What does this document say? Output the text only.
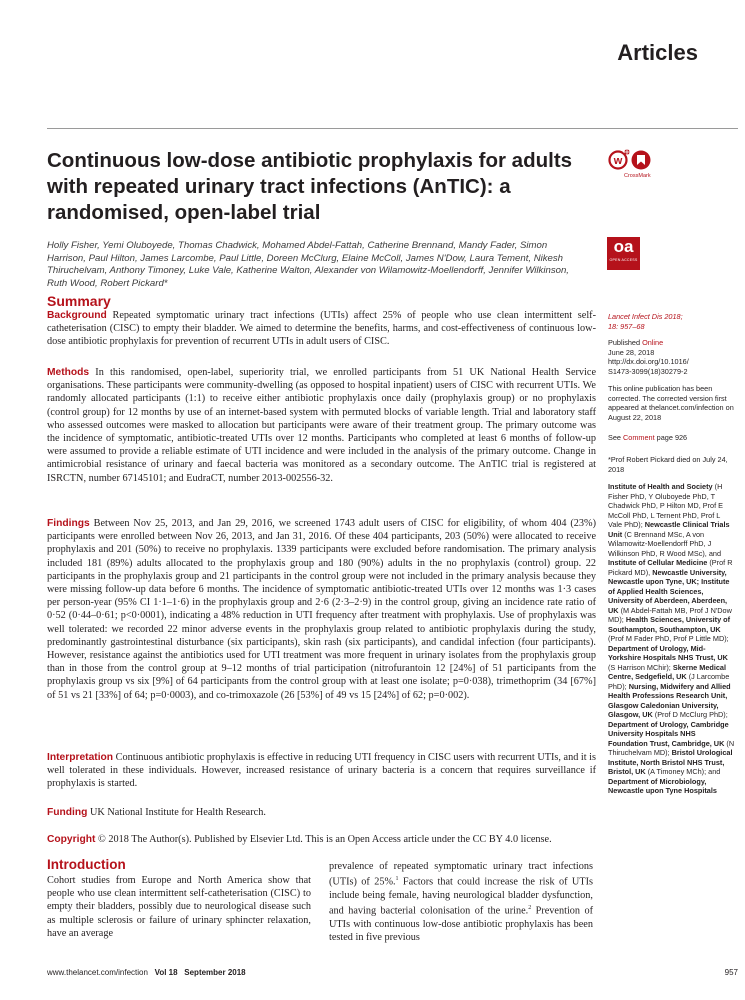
Articles
Continuous low-dose antibiotic prophylaxis for adults with repeated urinary tract infections (AnTIC): a randomised, open-label trial

Holly Fisher, Yemi Oluboyede, Thomas Chadwick, Mohamed Abdel-Fattah, Catherine Brennand, Mandy Fader, Simon Harrison, Paul Hilton, James Larcombe, Paul Little, Doreen McClurg, Elaine McColl, James N'Dow, Laura Tement, Nikesh Thiruchelvam, Anthony Timoney, Luke Vale, Katherine Walton, Alexander von Wilamowitz-Moellendorff, Jennifer Wilkinson, Ruth Wood, Robert Pickard*

w
CrossMark
oa
OPEN ACCESS
Summary

Background Repeated symptomatic urinary tract infections (UTIs) affect 25% of people who use clean intermittent self-catheterisation (CISC) to empty their bladder. We aimed to determine the benefits, harms, and cost-effectiveness of continuous low-dose antibiotic prophylaxis for prevention of recurrent UTIs in adult users of CISC.

Methods In this randomised, open-label, superiority trial, we enrolled participants from 51 UK National Health Service organisations. These participants were community-dwelling (as opposed to hospital inpatient) users of CISC with recurrent UTIs. We randomly allocated participants (1:1) to receive either antibiotic prophylaxis once daily (prophylaxis group) or no prophylaxis (control group) for 12 months by use of an internet-based system with permuted blocks of variable length. Trial and laboratory staff who assessed outcomes were masked to allocation but participants were aware of their treatment group. The primary outcome was the incidence of symptomatic, antibiotic-treated UTIs over 12 months. Participants who completed at least 6 months of follow-up were assumed to provide a reliable estimate of UTI incidence and were included in the analysis of the primary outcome. Change in antimicrobial resistance of urinary and faecal bacteria was monitored as a secondary outcome. The AnTIC trial is registered at ISRCTN, number 67145101; and EudraCT, number 2013-002556-32.

Findings Between Nov 25, 2013, and Jan 29, 2016, we screened 1743 adult users of CISC for eligibility, of whom 404 (23%) participants were enrolled between Nov 26, 2013, and Jan 31, 2016. Of these 404 participants, 203 (50%) were allocated to receive prophylaxis and 201 (50%) to receive no prophylaxis. 1339 participants were excluded before randomisation. The primary analysis included 181 (89%) adults allocated to the prophylaxis group and 180 (90%) adults in the no prophylaxis (control) group. 22 participants in the prophylaxis group and 21 participants in the control group were not included in the primary analysis because they were missing follow-up data before 6 months. The incidence of symptomatic antibiotic-treated UTIs over 12 months was 1·3 cases per person-year (95% CI 1·1–1·6) in the prophylaxis group and 2·6 (2·3–2·9) in the control group, giving an incidence rate ratio of 0·52 (0·44–0·61; p<0·0001), indicating a 48% reduction in UTI frequency after treatment with prophylaxis. Use of prophylaxis was well tolerated: we recorded 22 minor adverse events in the prophylaxis group related to antibiotic prophylaxis during the study, predominantly gastrointestinal disturbance (six participants), skin rash (six participants), and candidal infection (four participants). However, resistance against the antibiotics used for UTI treatment was more frequent in urinary isolates from the prophylaxis group than in those from the control group at 9–12 months of trial participation (nitrofurantoin 12 [24%] of 51 participants from the prophylaxis group vs six [9%] of 64 participants from the control group with at least one isolate; p=0·038), trimethoprim (34 [67%] of 51 vs 21 [33%] of 64; p=0·0003), and co-trimoxazole (26 [53%] of 49 vs 15 [24%] of 62; p=0·002).

Interpretation Continuous antibiotic prophylaxis is effective in reducing UTI frequency in CISC users with recurrent UTIs, and it is well tolerated in these individuals. However, increased resistance of urinary bacteria is a concern that requires surveillance if prophylaxis is started.

Funding UK National Institute for Health Research.

Copyright © 2018 The Author(s). Published by Elsevier Ltd. This is an Open Access article under the CC BY 4.0 license.

Introduction

Cohort studies from Europe and North America show that people who use clean intermittent self-catheterisation (CISC) to empty their bladders, possibly due to neurological disease such as multiple sclerosis or failure of urinary sphincter relaxation, have an average

prevalence of repeated symptomatic urinary tract infections (UTIs) of 25%.$^1$ Factors that could increase the risk of UTIs include being female, having neurological bladder dysfunction, and having bacterial colonisation of the urine.$^2$ Prevention of UTIs with continuous low-dose antibiotic prophylaxis has been tested in five previous

Lancet Infect Dis 2018;
18: 957–68

Published Online
June 28, 2018
http://dx.doi.org/10.1016/
S1473-3099(18)30279-2

This online publication has been corrected. The corrected version first appeared at thelancet.com/infection on August 22, 2018

See Comment page 926

*Prof Robert Pickard died on July 24, 2018

Institute of Health and Society (H Fisher PhD, Y Oluboyede PhD, T Chadwick PhD, P Hilton MD, Prof E McColl PhD, L Ternent PhD, Prof L Vale PhD); Newcastle Clinical Trials Unit (C Brennand MSc, A von Wilamowitz-Moellendorff PhD, J Wilkinson PhD, R Wood MSc), and Institute of Cellular Medicine (Prof R Pickard MD), Newcastle University, Newcastle upon Tyne, UK; Institute of Applied Health Sciences, University of Aberdeen, Aberdeen, UK (M Abdel-Fattah MB, Prof J N'Dow MD); Health Sciences, University of Southampton, Southampton, UK (Prof M Fader PhD, Prof P Little MD); Department of Urology, Mid-Yorkshire Hospitals NHS Trust, UK (S Harrison MChir); Skerne Medical Centre, Sedgefield, UK (J Larcombe PhD); Nursing, Midwifery and Allied Health Professions Research Unit, Glasgow Caledonian University, Glasgow, UK (Prof D McClurg PhD); Department of Urology, Cambridge University Hospitals NHS Foundation Trust, Cambridge, UK (N Thiruchelvam MD); Bristol Urological Institute, North Bristol NHS Trust, Bristol, UK (A Timoney MCh); and Department of Microbiology, Newcastle upon Tyne Hospitals

www.thelancet.com/infection Vol 18 September 2018	957
